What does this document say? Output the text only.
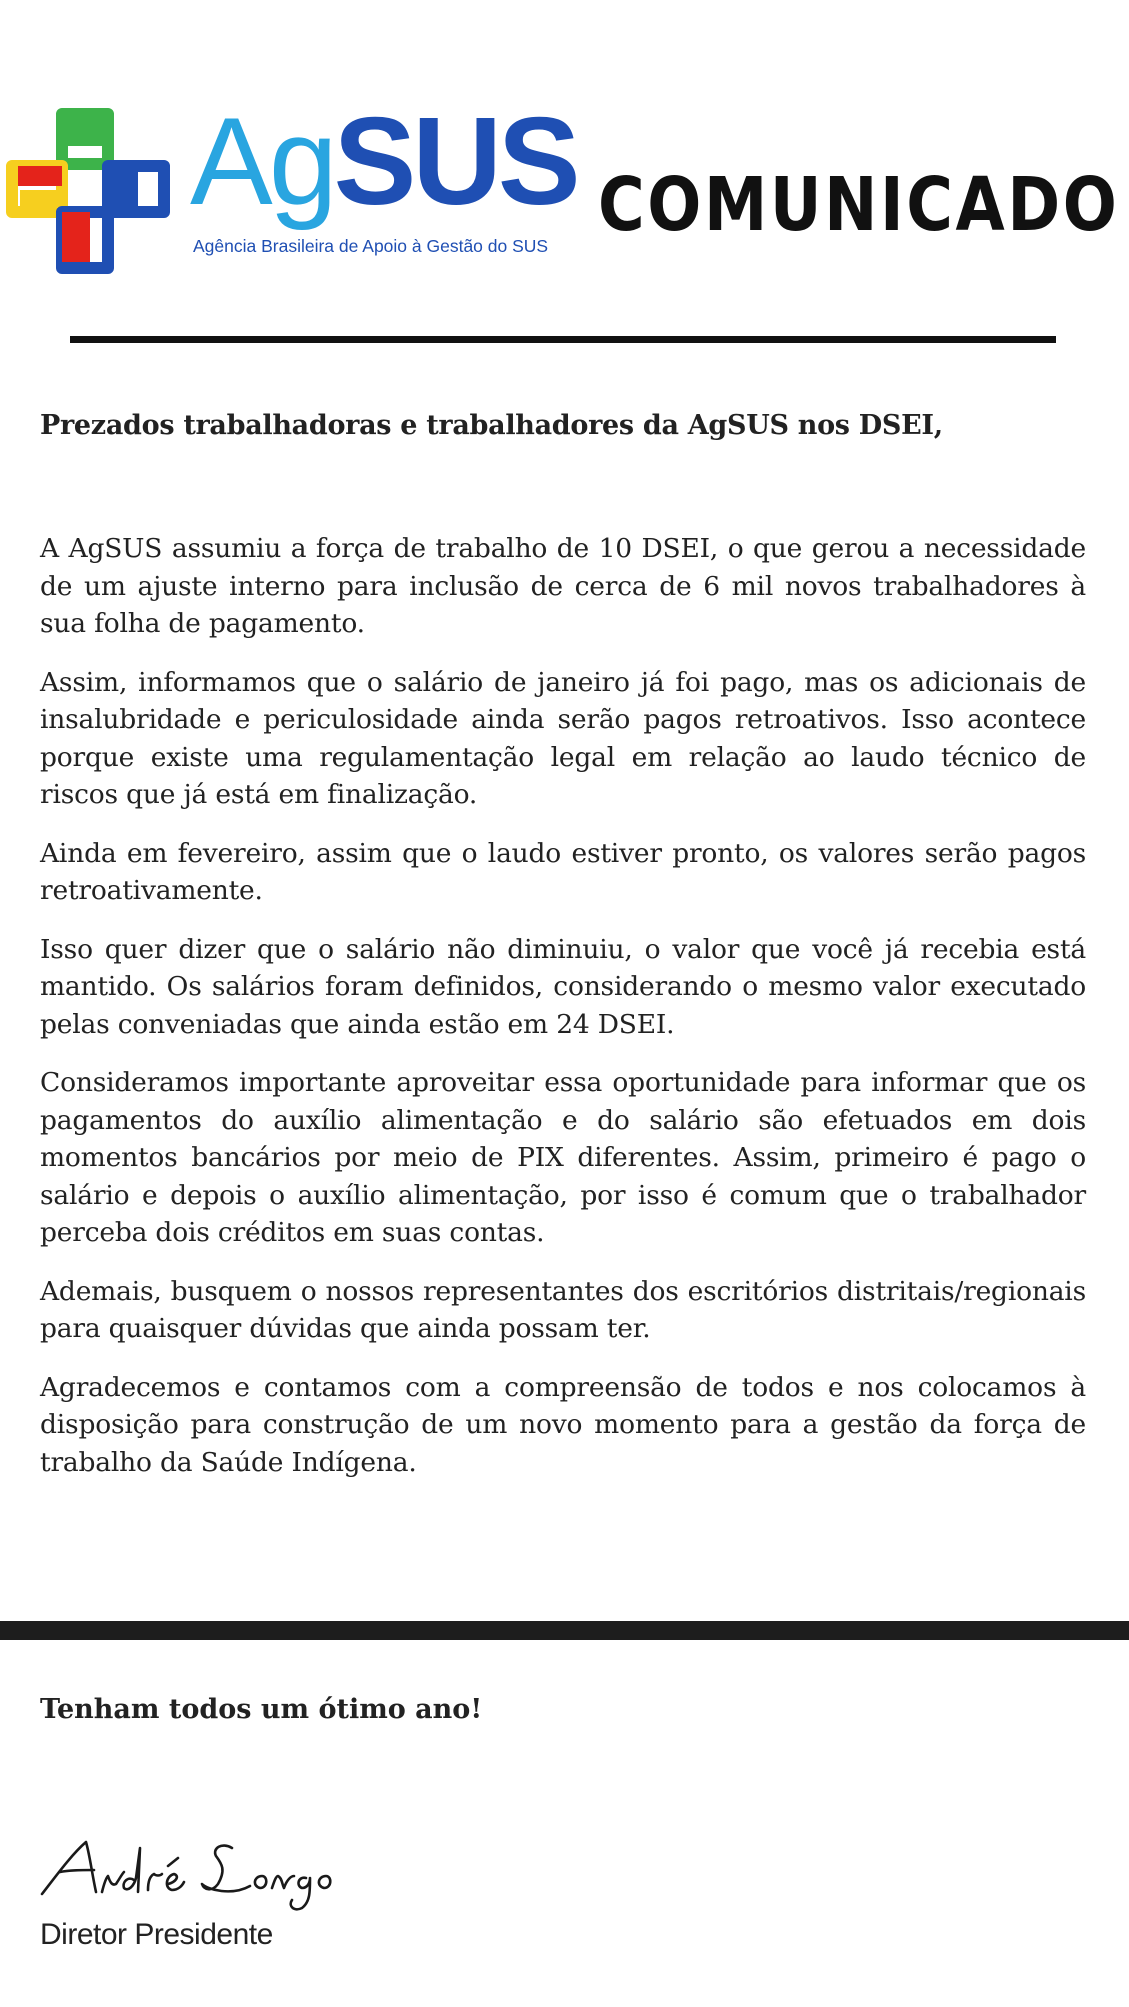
AgSUS
Agência Brasileira de Apoio à Gestão do SUS COMUNICADO
Prezados trabalhadoras e trabalhadores da AgSUS nos DSEI,

A AgSUS assumiu a força de trabalho de 10 DSEI, o que gerou a necessidade de um ajuste interno para inclusão de cerca de 6 mil novos trabalhadores à sua folha de pagamento.

Assim, informamos que o salário de janeiro já foi pago, mas os adicionais de insalubridade e periculosidade ainda serão pagos retroativos. Isso acontece porque existe uma regulamentação legal em relação ao laudo técnico de riscos que já está em finalização.

Ainda em fevereiro, assim que o laudo estiver pronto, os valores serão pagos retroativamente.

Isso quer dizer que o salário não diminuiu, o valor que você já recebia está mantido. Os salários foram definidos, considerando o mesmo valor executado pelas conveniadas que ainda estão em 24 DSEI.

Consideramos importante aproveitar essa oportunidade para informar que os pagamentos do auxílio alimentação e do salário são efetuados em dois momentos bancários por meio de PIX diferentes. Assim, primeiro é pago o salário e depois o auxílio alimentação, por isso é comum que o trabalhador perceba dois créditos em suas contas.

Ademais, busquem o nossos representantes dos escritórios distritais/regionais para quaisquer dúvidas que ainda possam ter.

Agradecemos e contamos com a compreensão de todos e nos colocamos à disposição para construção de um novo momento para a gestão da força de trabalho da Saúde Indígena.

Tenham todos um ótimo ano!
Diretor Presidente
